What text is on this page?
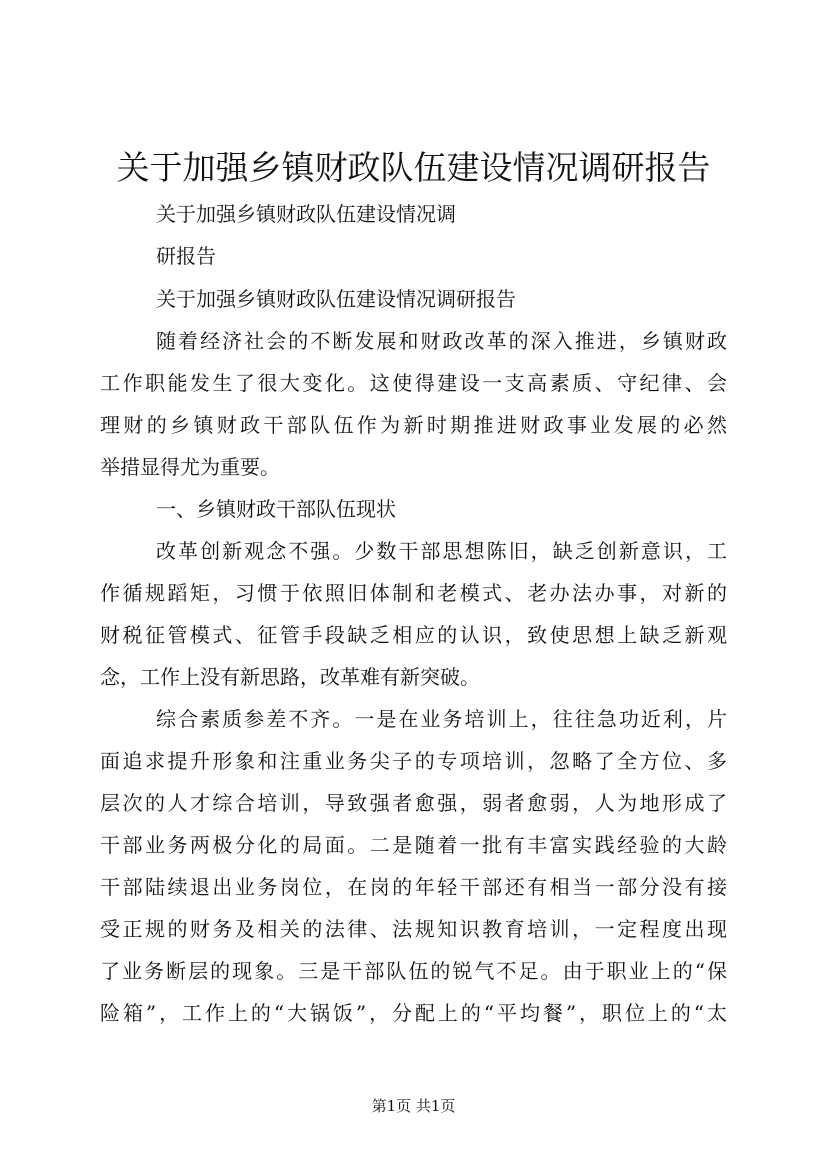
关于加强乡镇财政队伍建设情况调研报告

关于加强乡镇财政队伍建设情况调

研报告

关于加强乡镇财政队伍建设情况调研报告

随着经济社会的不断发展和财政改革的深入推进，乡镇财政

工作职能发生了很大变化。这使得建设一支高素质、守纪律、会

理财的乡镇财政干部队伍作为新时期推进财政事业发展的必然

举措显得尤为重要。

一、乡镇财政干部队伍现状

改革创新观念不强。少数干部思想陈旧，缺乏创新意识，工

作循规蹈矩，习惯于依照旧体制和老模式、老办法办事，对新的

财税征管模式、征管手段缺乏相应的认识，致使思想上缺乏新观

念，工作上没有新思路，改革难有新突破。

综合素质参差不齐。一是在业务培训上，往往急功近利，片

面追求提升形象和注重业务尖子的专项培训，忽略了全方位、多

层次的人才综合培训，导致强者愈强，弱者愈弱，人为地形成了

干部业务两极分化的局面。二是随着一批有丰富实践经验的大龄

干部陆续退出业务岗位，在岗的年轻干部还有相当一部分没有接

受正规的财务及相关的法律、法规知识教育培训，一定程度出现

了业务断层的现象。三是干部队伍的锐气不足。由于职业上的“保

险箱”，工作上的“大锅饭”，分配上的“平均餐”，职位上的“太

第1页 共1页
